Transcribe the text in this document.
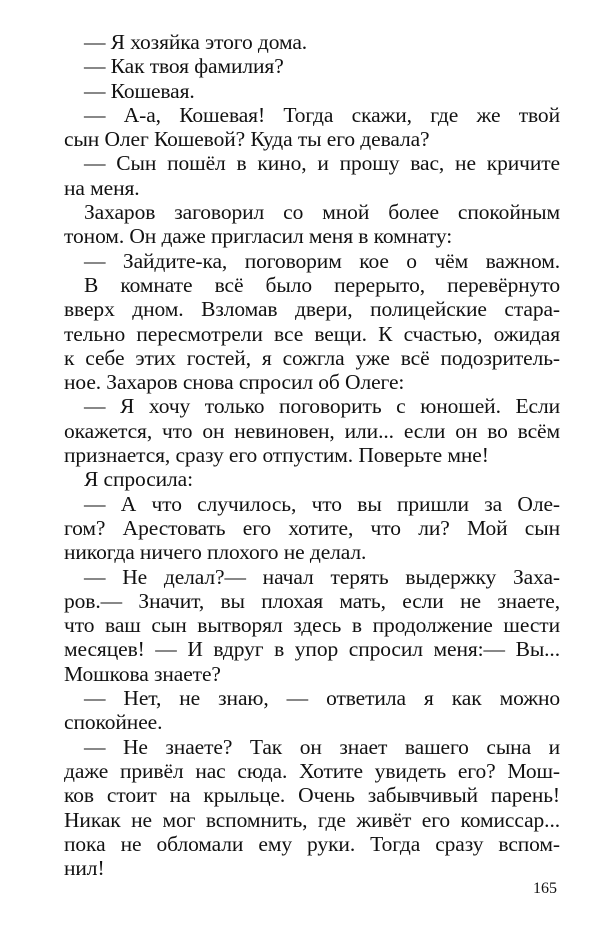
— Я хозяйка этого дома.
— Как твоя фамилия?
— Кошевая.
— А-а, Кошевая! Тогда скажи, где же твой
сын Олег Кошевой? Куда ты его девала?
— Сын пошёл в кино, и прошу вас, не кричите
на меня.
Захаров заговорил со мной более спокойным
тоном. Он даже пригласил меня в комнату:
— Зайдите-ка, поговорим кое о чём важном.
В комнате всё было перерыто, перевёрнуто
вверх дном. Взломав двери, полицейские стара-
тельно пересмотрели все вещи. К счастью, ожидая
к себе этих гостей, я сожгла уже всё подозритель-
ное. Захаров снова спросил об Олеге:
— Я хочу только поговорить с юношей. Если
окажется, что он невиновен, или... если он во всём
признается, сразу его отпустим. Поверьте мне!
Я спросила:
— А что случилось, что вы пришли за Оле-
гом? Арестовать его хотите, что ли? Мой сын
никогда ничего плохого не делал.
— Не делал?— начал терять выдержку Заха-
ров.— Значит, вы плохая мать, если не знаете,
что ваш сын вытворял здесь в продолжение шести
месяцев! — И вдруг в упор спросил меня:— Вы...
Мошкова знаете?
— Нет, не знаю, — ответила я как можно
спокойнее.
— Не знаете? Так он знает вашего сына и
даже привёл нас сюда. Хотите увидеть его? Мош-
ков стоит на крыльце. Очень забывчивый парень!
Никак не мог вспомнить, где живёт его комиссар...
пока не обломали ему руки. Тогда сразу вспом-
нил!
165
